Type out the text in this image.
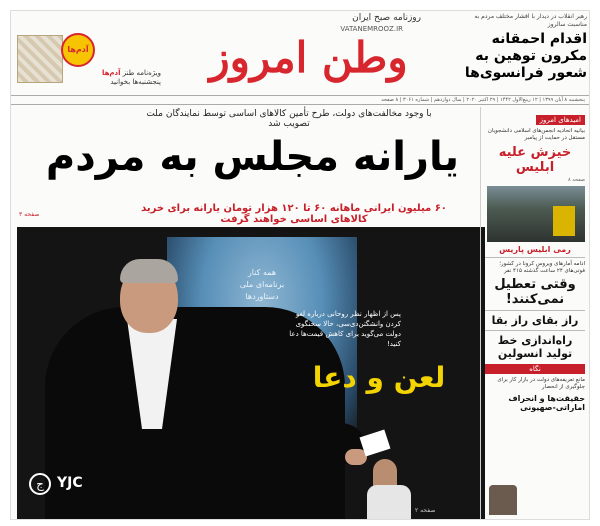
روزنامه صبح ایران
VATANEMROOZ.IR
وطن امروز
رهبر انقلاب در دیدار با اقشار مختلف مردم به مناسبت سالروز
اقدام احمقانه مکرون توهین به شعور فرانسوی‌ها
آدم‌ها
ویژه‌نامه طنز آدم‌ها
پنجشنبه‌ها بخوانید
پنجشنبه ۸ آبان ۱۳۹۹ | ۱۲ ربیع‌الاول ۱۴۴۲ | ۲۹ اکتبر ۲۰۲۰ | سال دوازدهم | شماره ۳۰۶۱ | ۸ صفحه
با وجود مخالفت‌های دولت، طرح تأمین کالاهای اساسی توسط نمایندگان ملت تصویب شد
یارانه مجلس به مردم
۶۰ میلیون ایرانی ماهانه ۶۰ تا ۱۲۰ هزار تومان یارانه برای خرید کالاهای اساسی خواهند گرفت
صفحه ۳
همه کنار
برنامه‌ای ملی
دستاوردها
پس از اظهار نظر روحانی درباره لغو کردن وانشگتن‌دی‌سی، حالا سخنگوی دولت می‌گوید برای کاهش قیمت‌ها دعا کنید!
لعن و دعا
ج YJC
صفحه ۲
امیدهای امروز
بیانیه اتحادیه انجمن‌های اسلامی دانشجویان مستقل در حمایت از پیامبر
خیزش علیه ابلیس
صفحه ۸
رمی ابلیس پاریس
ادامه آمارهای ویروس کرونا در کشور؛ فوتی‌های ۲۴ ساعت گذشته ۴۱۵ نفر
وقتی تعطیل نمی‌کنند!
راز بقای راز بقا
راه‌اندازی خط تولید انسولین
نگاه
مانع تعریفه‌های دولت در بازار کار برای جلوگیری از انحصار
حقیقت‌ها و انحراف اماراتی-صهیونی
